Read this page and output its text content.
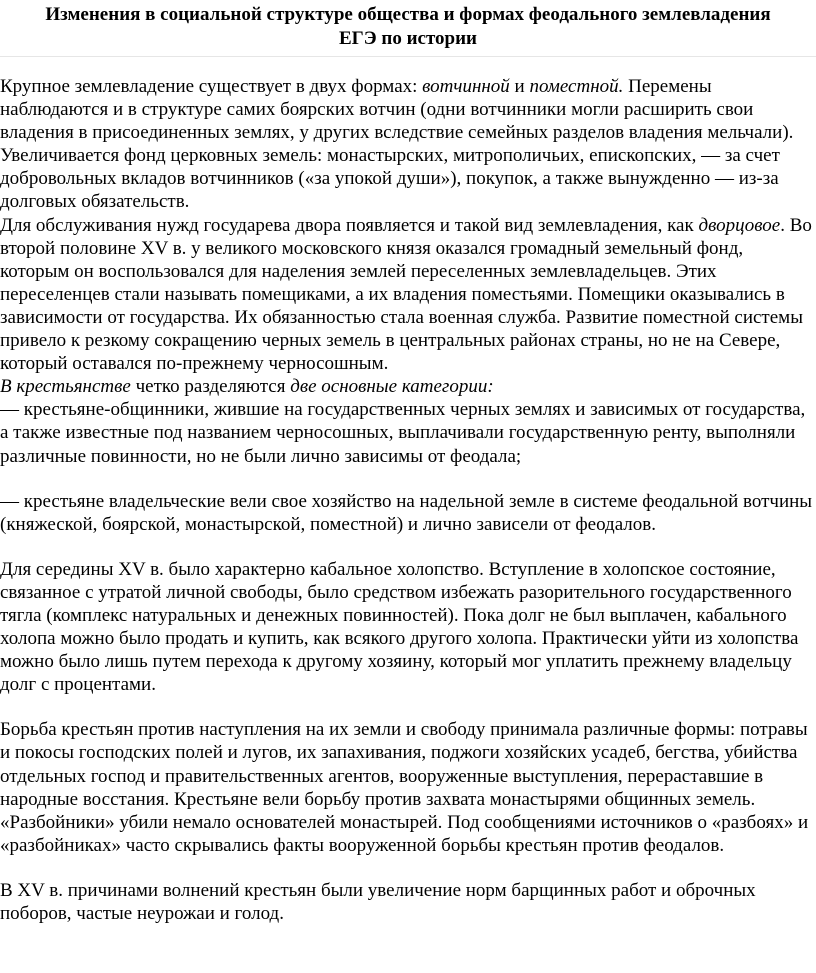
Изменения в социальной структуре общества и формах феодального землевладения
ЕГЭ по истории

Крупное землевладение существует в двух формах: вотчинной и поместной. Перемены наблюдаются и в структуре самих боярских вотчин (одни вотчинники могли расширить свои владения в присоединенных землях, у других вследствие семейных разделов владения мельчали). Увеличивается фонд церковных земель: монастырских, митрополичьих, епископских, — за счет добровольных вкладов вотчинников («за упокой души»), покупок, а также вынужденно — из-за долговых обязательств.

Для обслуживания нужд государева двора появляется и такой вид землевладения, как дворцовое. Во второй половине XV в. у великого московского князя оказался громадный земельный фонд, которым он воспользовался для наделения землей переселенных землевладельцев. Этих переселенцев стали называть помещиками, а их владения поместьями. Помещики оказывались в зависимости от государства. Их обязанностью стала военная служба. Развитие поместной системы привело к резкому сокращению черных земель в центральных районах страны, но не на Севере, который оставался по-прежнему черносошным.

В крестьянстве четко разделяются две основные категории:

— крестьяне-общинники, жившие на государственных черных землях и зависимых от государства, а также известные под названием черносошных, выплачивали государственную ренту, выполняли различные повинности, но не были лично зависимы от феодала;

— крестьяне владельческие вели свое хозяйство на надельной земле в системе феодальной вотчины (княжеской, боярской, монастырской, поместной) и лично зависели от феодалов.

Для середины XV в. было характерно кабальное холопство. Вступление в холопское состояние, связанное с утратой личной свободы, было средством избежать разорительного государственного тягла (комплекс натуральных и денежных повинностей). Пока долг не был выплачен, кабального холопа можно было продать и купить, как всякого другого холопа. Практически уйти из холопства можно было лишь путем перехода к другому хозяину, который мог уплатить прежнему владельцу долг с процентами.

Борьба крестьян против наступления на их земли и свободу принимала различные формы: потравы и покосы господских полей и лугов, их запахивания, поджоги хозяйских усадеб, бегства, убийства отдельных господ и правительственных агентов, вооруженные выступления, перераставшие в народные восстания. Крестьяне вели борьбу против захвата монастырями общинных земель. «Разбойники» убили немало основателей монастырей. Под сообщениями источников о «разбоях» и «разбойниках» часто скрывались факты вооруженной борьбы крестьян против феодалов.

В XV в. причинами волнений крестьян были увеличение норм барщинных работ и оброчных поборов, частые неурожаи и голод.
